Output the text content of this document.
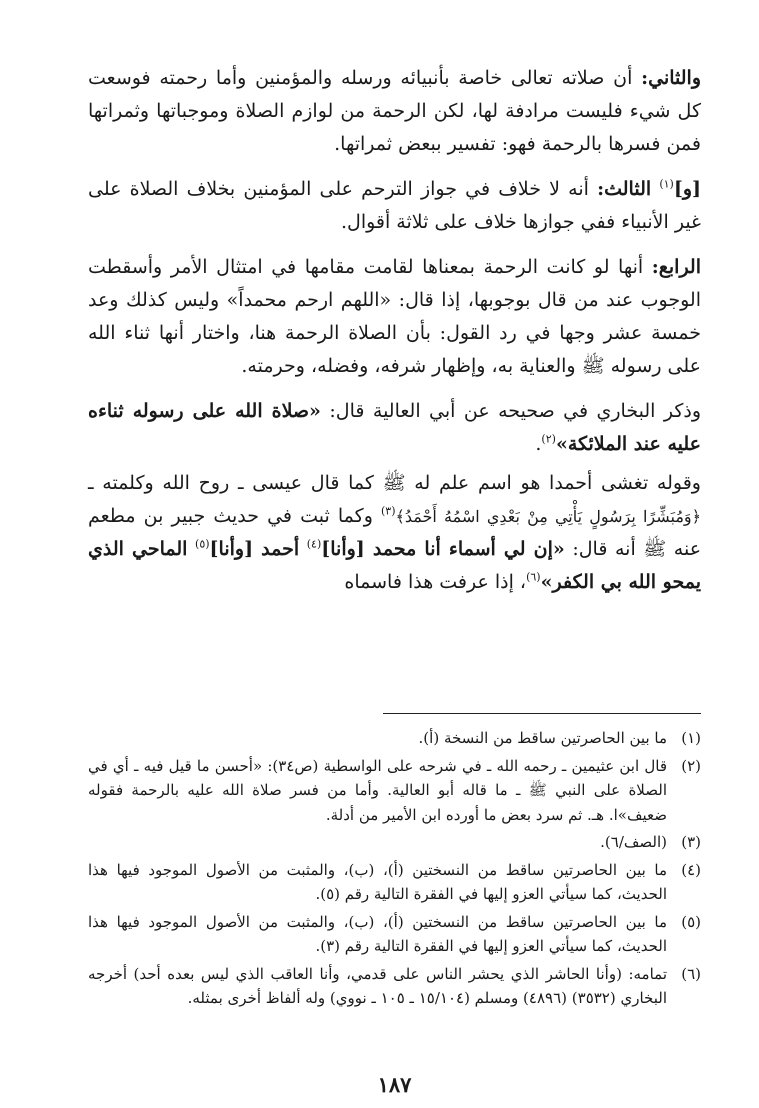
والثاني: أن صلاته تعالى خاصة بأنبيائه ورسله والمؤمنين وأما رحمته فوسعت كل شيء فليست مرادفة لها، لكن الرحمة من لوازم الصلاة وموجباتها وثمراتها فمن فسرها بالرحمة فهو: تفسير ببعض ثمراتها.

[و]$^{(١)}$ الثالث: أنه لا خلاف في جواز الترحم على المؤمنين بخلاف الصلاة على غير الأنبياء ففي جوازها خلاف على ثلاثة أقوال.

الرابع: أنها لو كانت الرحمة بمعناها لقامت مقامها في امتثال الأمر وأسقطت الوجوب عند من قال بوجوبها، إذا قال: «اللهم ارحم محمداً» وليس كذلك وعد خمسة عشر وجها في رد القول: بأن الصلاة الرحمة هنا، واختار أنها ثناء الله على رسوله ﷺ والعناية به، وإظهار شرفه، وفضله، وحرمته.

وذكر البخاري في صحيحه عن أبي العالية قال: «صلاة الله على رسوله ثناءه عليه عند الملائكة»$^{(٢)}$.

وقوله تغشى أحمدا هو اسم علم له ﷺ كما قال عيسى ـ روح الله وكلمته ـ ﴿وَمُبَشِّرًا بِرَسُولٍ يَأْتِي مِنْ بَعْدِي اسْمُهُ أَحْمَدُ﴾$^{(٣)}$ وكما ثبت في حديث جبير بن مطعم عنه ﷺ أنه قال: «إن لي أسماء أنا محمد [وأنا]$^{(٤)}$ أحمد [وأنا]$^{(٥)}$ الماحي الذي يمحو الله بي الكفر»$^{(٦)}$، إذا عرفت هذا فاسماه

(١)
ما بين الحاصرتين ساقط من النسخة (أ).
(٢)
قال ابن عثيمين ـ رحمه الله ـ في شرحه على الواسطية (ص٣٤): «أحسن ما قيل فيه ـ أي في الصلاة على النبي ﷺ ـ ما قاله أبو العالية. وأما من فسر صلاة الله عليه بالرحمة فقوله ضعيف»ا. هـ. ثم سرد بعض ما أورده ابن الأمير من أدلة.
(٣)
(الصف/٦).
(٤)
ما بين الحاصرتين ساقط من النسختين (أ)، (ب)، والمثبت من الأصول الموجود فيها هذا الحديث، كما سيأتي العزو إليها في الفقرة التالية رقم (٥).
(٥)
ما بين الحاصرتين ساقط من النسختين (أ)، (ب)، والمثبت من الأصول الموجود فيها هذا الحديث، كما سيأتي العزو إليها في الفقرة التالية رقم (٣).
(٦)
تمامه: (وأنا الحاشر الذي يحشر الناس على قدمي، وأنا العاقب الذي ليس بعده أحد) أخرجه البخاري (٣٥٣٢) (٤٨٩٦) ومسلم (١٥/١٠٤ ـ ١٠٥ ـ نووي) وله ألفاظ أخرى بمثله.
١٨٧
